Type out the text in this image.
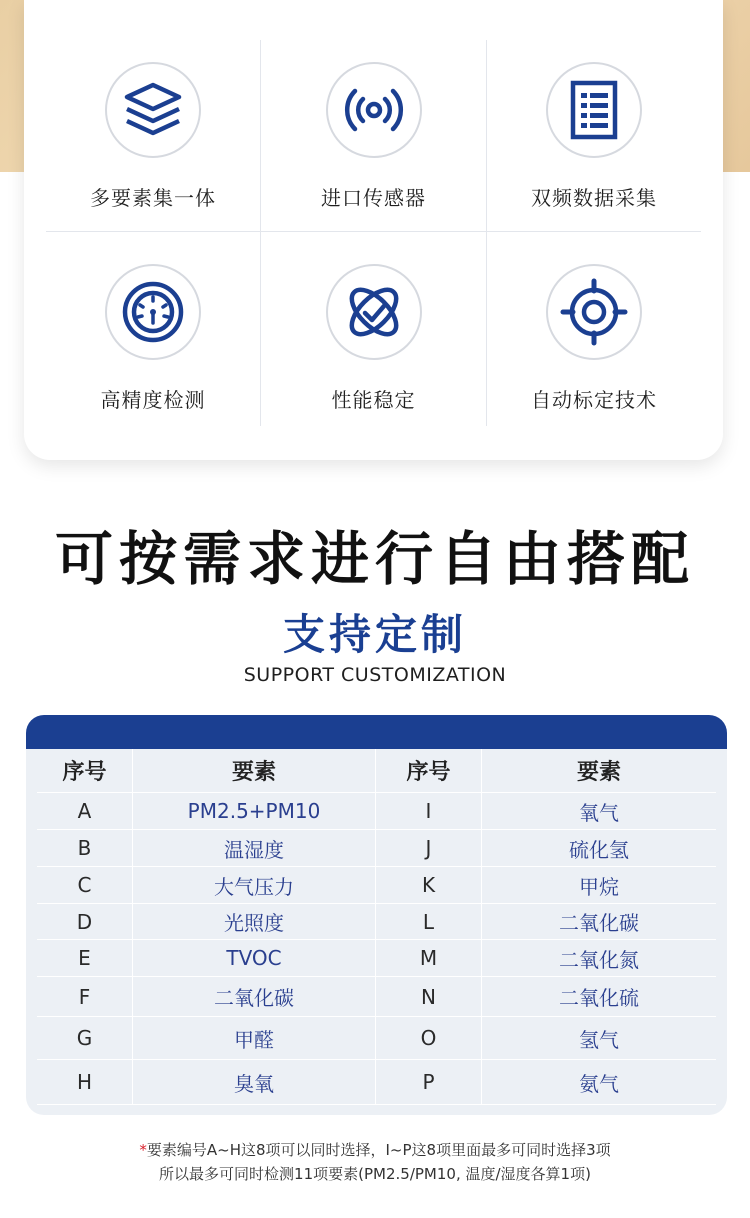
多要素集一体	进口传感器	双频数据采集
高精度检测	性能稳定	自动标定技术
可按需求进行自由搭配
支持定制
SUPPORT CUSTOMIZATION
序号	要素	序号	要素
A	PM2.5+PM10	I	氧气
B	温湿度	J	硫化氢
C	大气压力	K	甲烷
D	光照度	L	二氧化碳
E	TVOC	M	二氧化氮
F	二氧化碳	N	二氧化硫
G	甲醛	O	氢气
H	臭氧	P	氨气
*要素编号A~H这8项可以同时选择，I~P这8项里面最多可同时选择3项
所以最多可同时检测11项要素(PM2.5/PM10, 温度/湿度各算1项)
